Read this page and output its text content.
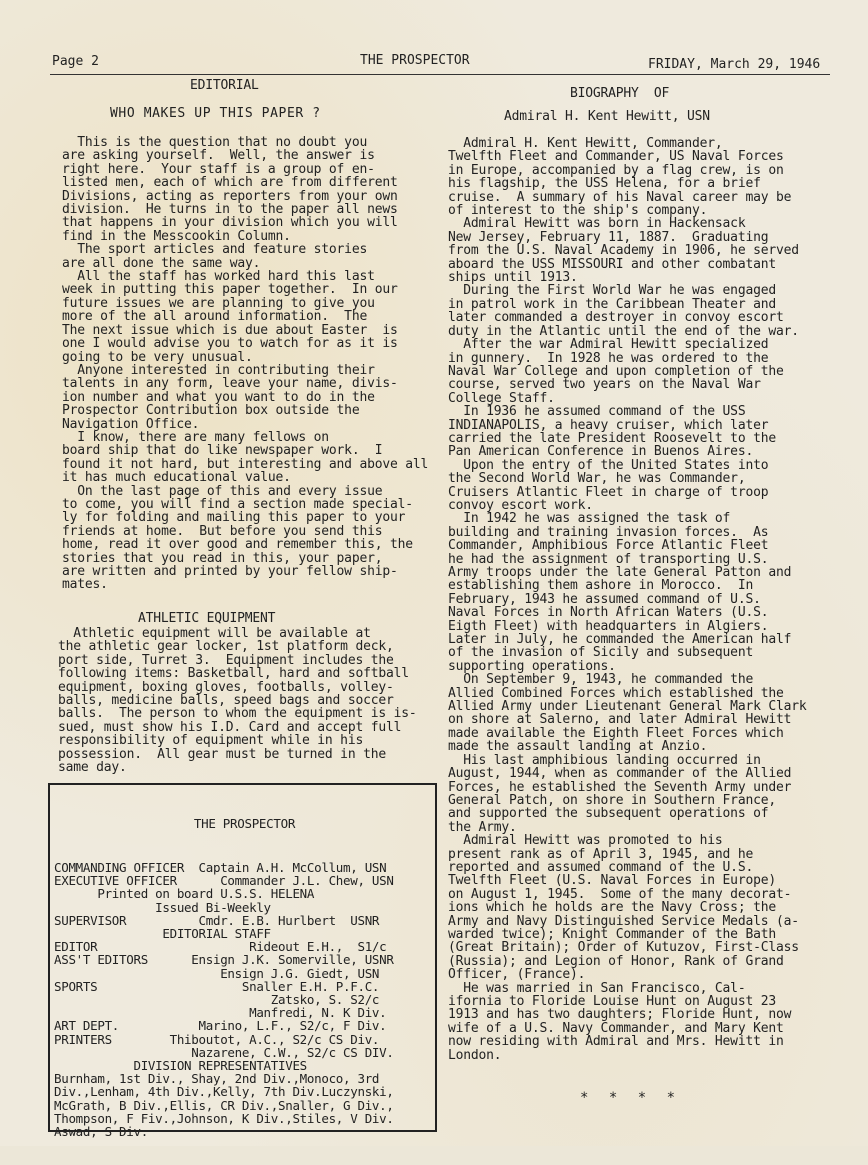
Page 2	THE PROSPECTOR	FRIDAY, March 29, 1946
EDITORIAL
WHO MAKES UP THIS PAPER ?
This is the question that no doubt you
are asking yourself.  Well, the answer is
right here.  Your staff is a group of en-
listed men, each of which are from different
Divisions, acting as reporters from your own
division.  He turns in to the paper all news
that happens in your division which you will
find in the Messcookin Column.
The sport articles and feature stories
are all done the same way.
All the staff has worked hard this last
week in putting this paper together.  In our
future issues we are planning to give you
more of the all around information.  The
The next issue which is due about Easter  is
one I would advise you to watch for as it is
going to be very unusual.
Anyone interested in contributing their
talents in any form, leave your name, divis-
ion number and what you want to do in the
Prospector Contribution box outside the
Navigation Office.
I know, there are many fellows on
board ship that do like newspaper work.  I
found it not hard, but interesting and above all
it has much educational value.
On the last page of this and every issue
to come, you will find a section made special-
ly for folding and mailing this paper to your
friends at home.  But before you send this
home, read it over good and remember this, the
stories that you read in this, your paper,
are written and printed by your fellow ship-
mates.
ATHLETIC EQUIPMENT
Athletic equipment will be available at
the athletic gear locker, 1st platform deck,
port side, Turret 3.  Equipment includes the
following items: Basketball, hard and softball
equipment, boxing gloves, footballs, volley-
balls, medicine balls, speed bags and soccer
balls.  The person to whom the equipment is is-
sued, must show his I.D. Card and accept full
responsibility of equipment while in his
possession.  All gear must be turned in the
same day.

THE PROSPECTOR

COMMANDING OFFICER  Captain A.H. McCollum, USN
EXECUTIVE OFFICER      Commander J.L. Chew, USN
Printed on board U.S.S. HELENA
Issued Bi-Weekly
SUPERVISOR          Cmdr. E.B. Hurlbert  USNR
EDITORIAL STAFF
EDITOR                     Rideout E.H.,  S1/c
ASS'T EDITORS      Ensign J.K. Somerville, USNR
Ensign J.G. Giedt, USN
SPORTS                    Snaller E.H. P.F.C.
Zatsko, S. S2/c
Manfredi, N. K Div.
ART DEPT.           Marino, L.F., S2/c, F Div.
PRINTERS        Thiboutot, A.C., S2/c CS Div.
Nazarene, C.W., S2/c CS DIV.
DIVISION REPRESENTATIVES
Burnham, 1st Div., Shay, 2nd Div.,Monoco, 3rd
Div.,Lenham, 4th Div.,Kelly, 7th Div.Luczynski,
McGrath, B Div.,Ellis, CR Div.,Snaller, G Div.,
Thompson, F Fiv.,Johnson, K Div.,Stiles, V Div.
Aswad, S Div.

BIOGRAPHY  OF
Admiral H. Kent Hewitt, USN
Admiral H. Kent Hewitt, Commander,
Twelfth Fleet and Commander, US Naval Forces
in Europe, accompanied by a flag crew, is on
his flagship, the USS Helena, for a brief
cruise.  A summary of his Naval career may be
of interest to the ship's company.
Admiral Hewitt was born in Hackensack
New Jersey, February 11, 1887.  Graduating
from the U.S. Naval Academy in 1906, he served
aboard the USS MISSOURI and other combatant
ships until 1913.
During the First World War he was engaged
in patrol work in the Caribbean Theater and
later commanded a destroyer in convoy escort
duty in the Atlantic until the end of the war.
After the war Admiral Hewitt specialized
in gunnery.  In 1928 he was ordered to the
Naval War College and upon completion of the
course, served two years on the Naval War
College Staff.
In 1936 he assumed command of the USS
INDIANAPOLIS, a heavy cruiser, which later
carried the late President Roosevelt to the
Pan American Conference in Buenos Aires.
Upon the entry of the United States into
the Second World War, he was Commander,
Cruisers Atlantic Fleet in charge of troop
convoy escort work.
In 1942 he was assigned the task of
building and training invasion forces.  As
Commander, Amphibious Force Atlantic Fleet
he had the assignment of transporting U.S.
Army troops under the late General Patton and
establishing them ashore in Morocco.  In
February, 1943 he assumed command of U.S.
Naval Forces in North African Waters (U.S.
Eigth Fleet) with headquarters in Algiers.
Later in July, he commanded the American half
of the invasion of Sicily and subsequent
supporting operations.
On September 9, 1943, he commanded the
Allied Combined Forces which established the
Allied Army under Lieutenant General Mark Clark
on shore at Salerno, and later Admiral Hewitt
made available the Eighth Fleet Forces which
made the assault landing at Anzio.
His last amphibious landing occurred in
August, 1944, when as commander of the Allied
Forces, he established the Seventh Army under
General Patch, on shore in Southern France,
and supported the subsequent operations of
the Army.
Admiral Hewitt was promoted to his
present rank as of April 3, 1945, and he
reported and assumed command of the U.S.
Twelfth Fleet (U.S. Naval Forces in Europe)
on August 1, 1945.  Some of the many decorat-
ions which he holds are the Navy Cross; the
Army and Navy Distinguished Service Medals (a-
warded twice); Knight Commander of the Bath
(Great Britain); Order of Kutuzov, First-Class
(Russia); and Legion of Honor, Rank of Grand
Officer, (France).
He was married in San Francisco, Cal-
ifornia to Floride Louise Hunt on August 23
1913 and has two daughters; Floride Hunt, now
wife of a U.S. Navy Commander, and Mary Kent
now residing with Admiral and Mrs. Hewitt in
London.
* * * *
